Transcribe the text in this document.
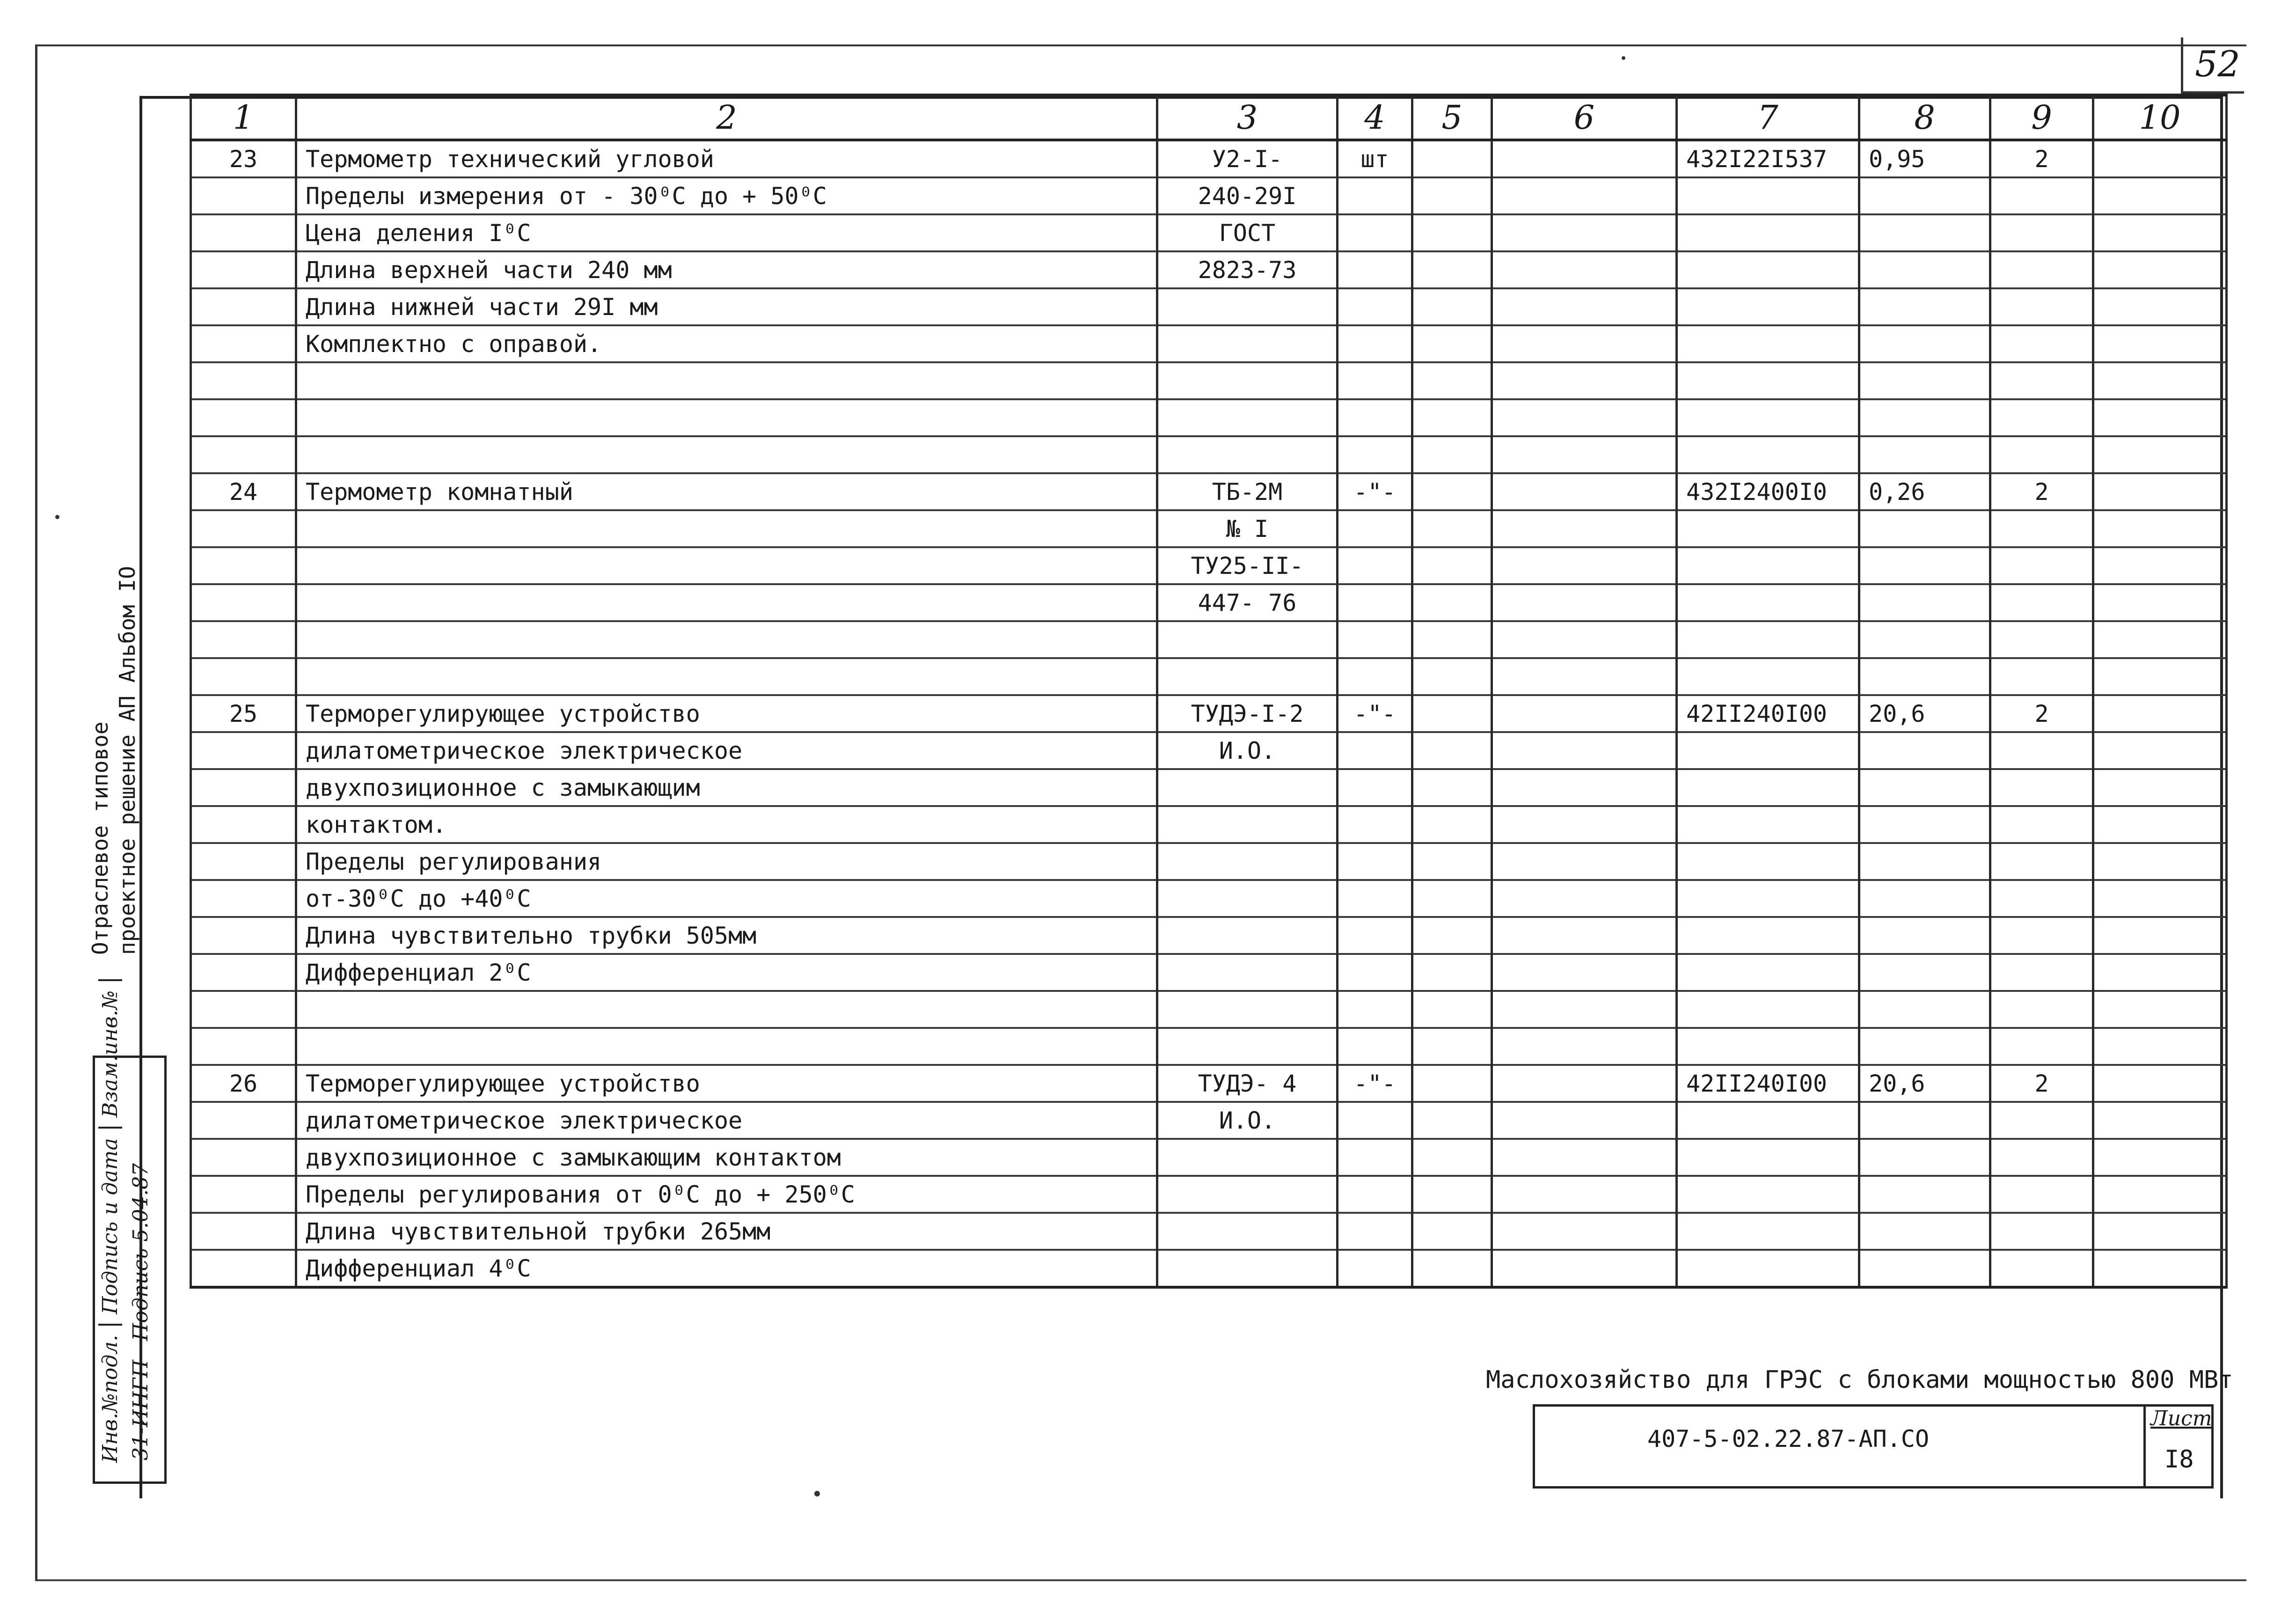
52
1	2	3	4	5	6	7	8	9	10
23	Термометр технический угловой	У2-I-	шт			432I22I537	0,95	2	
	Пределы измерения от - 30⁰C до + 50⁰C	240-29I							
	Цена деления I⁰C	ГОСТ							
	Длина верхней части 240 мм	2823-73							
	Длина нижней части 29I мм								
	Комплектно с оправой.								

24	Термометр комнатный	ТБ-2М	-"-			432I2400I0	0,26	2	
		№ I							
		ТУ25-II-							
		447- 76							

25	Терморегулирующее устройство	ТУДЭ-I-2	-"-			42II240I00	20,6	2	
	дилатометрическое электрическое	И.О.							
	двухпозиционное с замыкающим								
	контактом.								
	Пределы регулирования								
	от-30⁰C до +40⁰C								
	Длина чувствительно трубки 505мм								
	Дифференциал 2⁰C								

26	Терморегулирующее устройство	ТУДЭ- 4	-"-			42II240I00	20,6	2	
	дилатометрическое электрическое	И.О.							
	двухпозиционное с замыкающим контактом								
	Пределы регулирования от 0⁰C до + 250⁰C								
	Длина чувствительной трубки 265мм								
	Дифференциал 4⁰C								
Отраслевое типовое проектное решение АП Альбом IO
Инв.№подл.Подпись и датаВзам.инв.№
31-ИНГППодпись 5.04.87
Маслохозяйство для ГРЭС с блоками мощностью 800 МВт
407-5-02.22.87-АП.СО
Лист
I8
